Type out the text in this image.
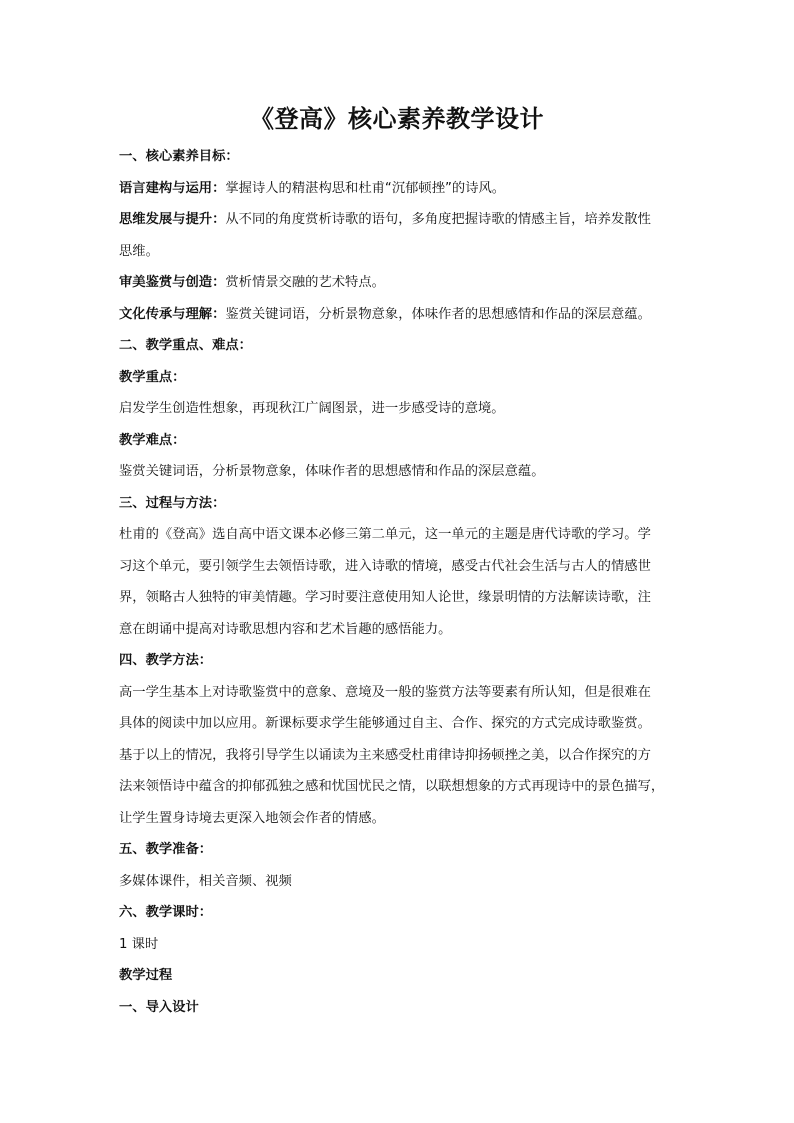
《登高》核心素养教学设计

一、核心素养目标：

语言建构与运用：掌握诗人的精湛构思和杜甫“沉郁顿挫”的诗风。

思维发展与提升：从不同的角度赏析诗歌的语句，多角度把握诗歌的情感主旨，培养发散性

思维。

审美鉴赏与创造：赏析情景交融的艺术特点。

文化传承与理解：鉴赏关键词语，分析景物意象，体味作者的思想感情和作品的深层意蕴。

二、教学重点、难点：

教学重点：

启发学生创造性想象，再现秋江广阔图景，进一步感受诗的意境。

教学难点：

鉴赏关键词语，分析景物意象，体味作者的思想感情和作品的深层意蕴。

三、过程与方法：

杜甫的《登高》选自高中语文课本必修三第二单元，这一单元的主题是唐代诗歌的学习。学

习这个单元，要引领学生去领悟诗歌，进入诗歌的情境，感受古代社会生活与古人的情感世

界，领略古人独特的审美情趣。学习时要注意使用知人论世，缘景明情的方法解读诗歌，注

意在朗诵中提高对诗歌思想内容和艺术旨趣的感悟能力。

四、教学方法：

高一学生基本上对诗歌鉴赏中的意象、意境及一般的鉴赏方法等要素有所认知，但是很难在

具体的阅读中加以应用。新课标要求学生能够通过自主、合作、探究的方式完成诗歌鉴赏。

基于以上的情况，我将引导学生以诵读为主来感受杜甫律诗抑扬顿挫之美，以合作探究的方

法来领悟诗中蕴含的抑郁孤独之感和忧国忧民之情，以联想想象的方式再现诗中的景色描写，

让学生置身诗境去更深入地领会作者的情感。

五、教学准备：

多媒体课件，相关音频、视频

六、教学课时：

1 课时

教学过程

一、导入设计
